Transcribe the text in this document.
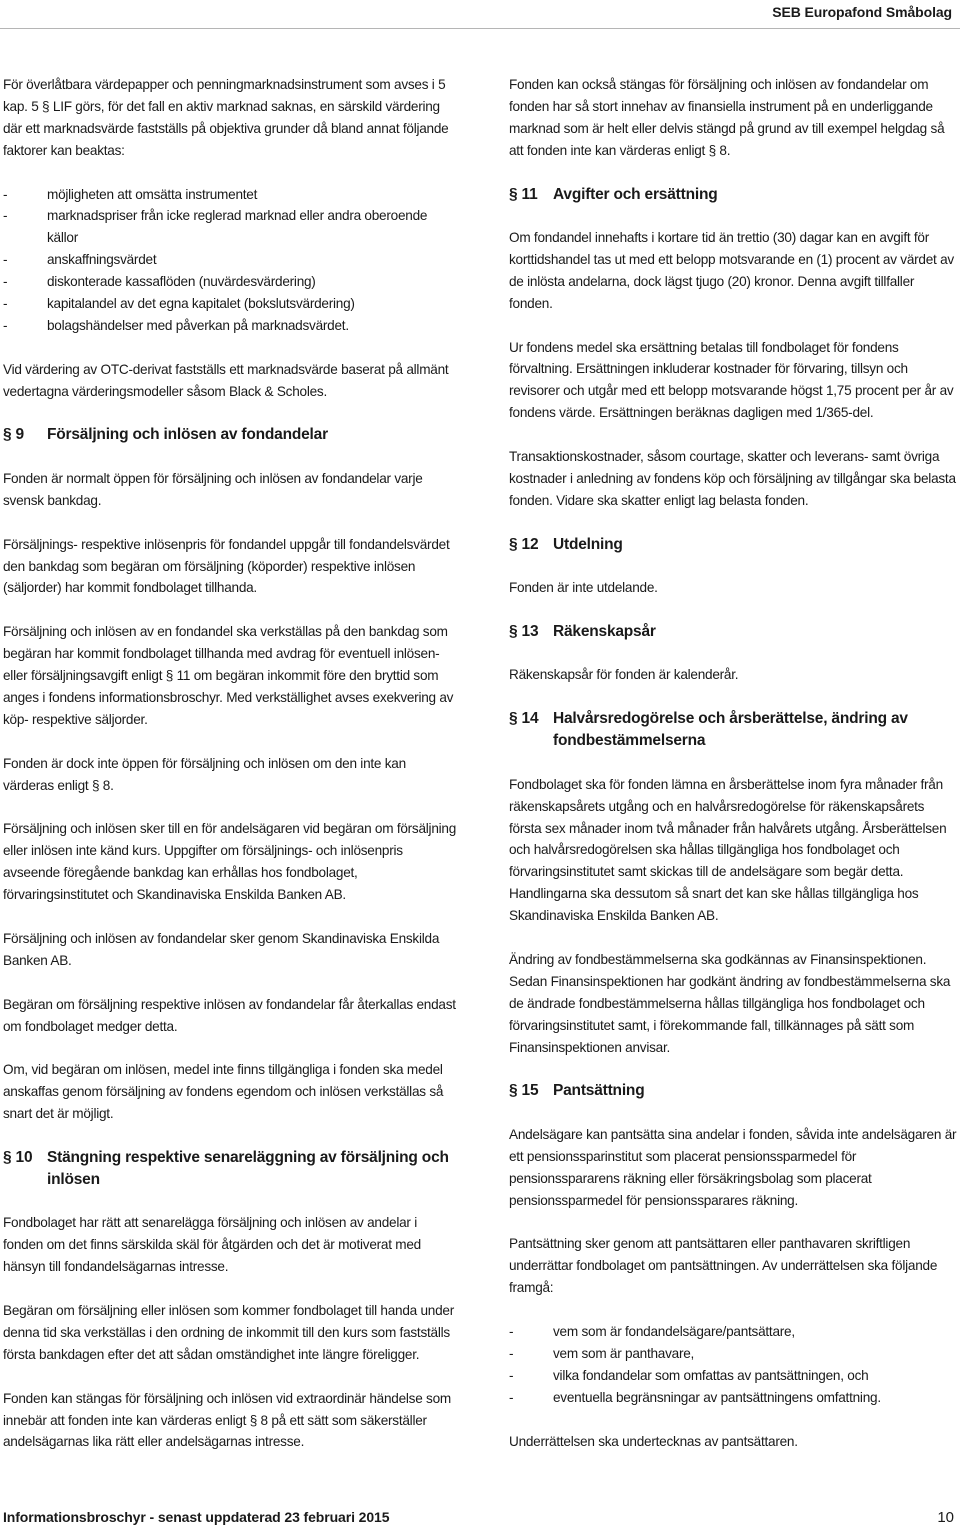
SEB Europafond Småbolag

För överlåtbara värdepapper och penningmarknadsinstrument som avses i 5 kap. 5 § LIF görs, för det fall en aktiv marknad saknas, en särskild värdering där ett marknadsvärde fastställs på objektiva grunder då bland annat följande faktorer kan beaktas:

-	möjligheten att omsätta instrumentet
-	marknadspriser från icke reglerad marknad eller andra oberoende källor
-	anskaffningsvärdet
-	diskonterade kassaflöden (nuvärdesvärdering)
-	kapitalandel av det egna kapitalet (bokslutsvärdering)
-	bolagshändelser med påverkan på marknadsvärdet.

Vid värdering av OTC-derivat fastställs ett marknadsvärde baserat på allmänt vedertagna värderingsmodeller såsom Black & Scholes.

§ 9	Försäljning och inlösen av fondandelar

Fonden är normalt öppen för försäljning och inlösen av fondandelar varje svensk bankdag.

Försäljnings- respektive inlösenpris för fondandel uppgår till fondandelsvärdet den bankdag som begäran om försäljning (köporder) respektive inlösen (säljorder) har kommit fondbolaget tillhanda.

Försäljning och inlösen av en fondandel ska verkställas på den bankdag som begäran har kommit fondbolaget tillhanda med avdrag för eventuell inlösen- eller försäljningsavgift enligt § 11 om begäran inkommit före den bryttid som anges i fondens informationsbroschyr. Med verkställighet avses exekvering av köp- respektive säljorder.

Fonden är dock inte öppen för försäljning och inlösen om den inte kan värderas enligt § 8.

Försäljning och inlösen sker till en för andelsägaren vid begäran om försäljning eller inlösen inte känd kurs. Uppgifter om försäljnings- och inlösenpris avseende föregående bankdag kan erhållas hos fondbolaget, förvaringsinstitutet och Skandinaviska Enskilda Banken AB.

Försäljning och inlösen av fondandelar sker genom Skandinaviska Enskilda Banken AB.

Begäran om försäljning respektive inlösen av fondandelar får återkallas endast om fondbolaget medger detta.

Om, vid begäran om inlösen, medel inte finns tillgängliga i fonden ska medel anskaffas genom försäljning av fondens egendom och inlösen verkställas så snart det är möjligt.

§ 10 Stängning respektive senareläggning av försäljning och inlösen

Fondbolaget har rätt att senarelägga försäljning och inlösen av andelar i fonden om det finns särskilda skäl för åtgärden och det är motiverat med hänsyn till fondandelsägarnas intresse.

Begäran om försäljning eller inlösen som kommer fondbolaget till handa under denna tid ska verkställas i den ordning de inkommit till den kurs som fastställs första bankdagen efter det att sådan omständighet inte längre föreligger.

Fonden kan stängas för försäljning och inlösen vid extraordinär händelse som innebär att fonden inte kan värderas enligt § 8 på ett sätt som säkerställer andelsägarnas lika rätt eller andelsägarnas intresse.

Fonden kan också stängas för försäljning och inlösen av fondandelar om fonden har så stort innehav av finansiella instrument på en underliggande marknad som är helt eller delvis stängd på grund av till exempel helgdag så att fonden inte kan värderas enligt § 8.

§ 11 Avgifter och ersättning

Om fondandel innehafts i kortare tid än trettio (30) dagar kan en avgift för korttidshandel tas ut med ett belopp motsvarande en (1) procent av värdet av de inlösta andelarna, dock lägst tjugo (20) kronor. Denna avgift tillfaller fonden.

Ur fondens medel ska ersättning betalas till fondbolaget för fondens förvaltning. Ersättningen inkluderar kostnader för förvaring, tillsyn och revisorer och utgår med ett belopp motsvarande högst 1,75 procent per år av fondens värde. Ersättningen beräknas dagligen med 1/365-del.

Transaktionskostnader, såsom courtage, skatter och leverans- samt övriga kostnader i anledning av fondens köp och försäljning av tillgångar ska belasta fonden. Vidare ska skatter enligt lag belasta fonden.

§ 12 Utdelning

Fonden är inte utdelande.

§ 13 Räkenskapsår

Räkenskapsår för fonden är kalenderår.

§ 14 Halvårsredogörelse och årsberättelse, ändring av fondbestämmelserna

Fondbolaget ska för fonden lämna en årsberättelse inom fyra månader från räkenskapsårets utgång och en halvårsredogörelse för räkenskapsårets första sex månader inom två månader från halvårets utgång. Årsberättelsen och halvårsredogörelsen ska hållas tillgängliga hos fondbolaget och förvaringsinstitutet samt skickas till de andelsägare som begär detta. Handlingarna ska dessutom så snart det kan ske hållas tillgängliga hos Skandinaviska Enskilda Banken AB.

Ändring av fondbestämmelserna ska godkännas av Finansinspektionen. Sedan Finansinspektionen har godkänt ändring av fondbestämmelserna ska de ändrade fondbestämmelserna hållas tillgängliga hos fondbolaget och förvaringsinstitutet samt, i förekommande fall, tillkännages på sätt som Finansinspektionen anvisar.

§ 15 Pantsättning

Andelsägare kan pantsätta sina andelar i fonden, såvida inte andelsägaren är ett pensionssparinstitut som placerat pensionssparmedel för pensionsspararens räkning eller försäkringsbolag som placerat pensionssparmedel för pensionssparares räkning.

Pantsättning sker genom att pantsättaren eller panthavaren skriftligen underrättar fondbolaget om pantsättningen. Av underrättelsen ska följande framgå:

-	vem som är fondandelsägare/pantsättare,
-	vem som är panthavare,
-	vilka fondandelar som omfattas av pantsättningen, och
-	eventuella begränsningar av pantsättningens omfattning.

Underrättelsen ska undertecknas av pantsättaren.

Informationsbroschyr - senast uppdaterad 23 februari 2015	10
